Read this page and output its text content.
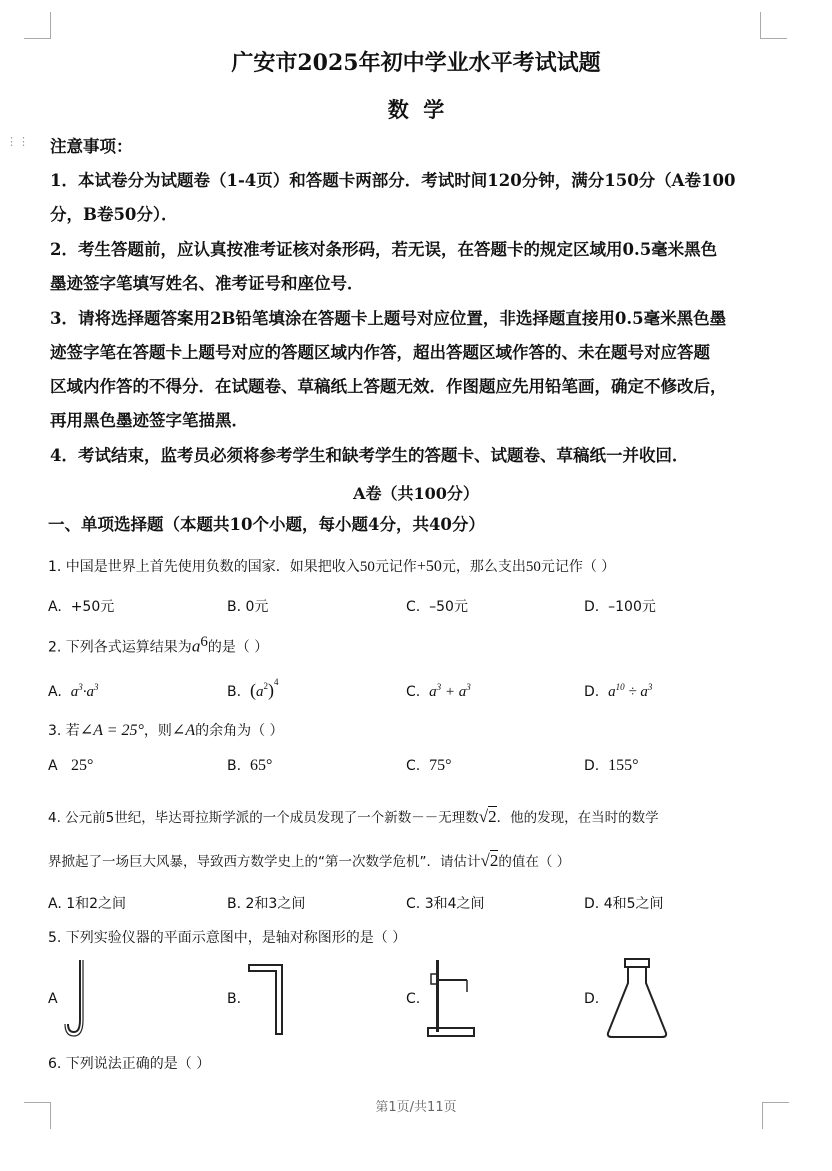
⋮⋮
广安市2025年初中学业水平考试试题
数  学
注意事项：
1．本试卷分为试题卷（1-4页）和答题卡两部分．考试时间120分钟，满分150分（A卷100
分，B卷50分）．
2．考生答题前，应认真按准考证核对条形码，若无误，在答题卡的规定区域用0.5毫米黑色
墨迹签字笔填写姓名、准考证号和座位号．
3．请将选择题答案用2B铅笔填涂在答题卡上题号对应位置，非选择题直接用0.5毫米黑色墨
迹签字笔在答题卡上题号对应的答题区域内作答，超出答题区域作答的、未在题号对应答题
区域内作答的不得分．在试题卷、草稿纸上答题无效．作图题应先用铅笔画，确定不修改后，
再用黑色墨迹签字笔描黑．
4．考试结束，监考员必须将参考学生和缺考学生的答题卡、试题卷、草稿纸一并收回．
A卷（共100分）
一、单项选择题（本题共10个小题，每小题4分，共40分）
1. 中国是世界上首先使用负数的国家．如果把收入50元记作+50元，那么支出50元记作（ ）
A. +50元	B. 0元	C. –50元	D. –100元
2. 下列各式运算结果为$a^6$的是（ ）
A. $a^3\cdot a^3$	B. $(a^2)^4$
C. $a^3 + a^3$	D. $a^{10} \div a^3$
3. 若∠A = 25°，则∠A的余角为（ ）
A 25°	B. 65°	C. 75°	D. 155°
4. 公元前5世纪，毕达哥拉斯学派的一个成员发现了一个新数－－无理数√2．他的发现，在当时的数学
界掀起了一场巨大风暴，导致西方数学史上的“第一次数学危机”．请估计√2的值在（ ）
A. 1和2之间	B. 2和3之间	C. 3和4之间	D. 4和5之间
5. 下列实验仪器的平面示意图中，是轴对称图形的是（ ）
A	B.	C.	D.
6. 下列说法正确的是（ ）
第1页/共11页
